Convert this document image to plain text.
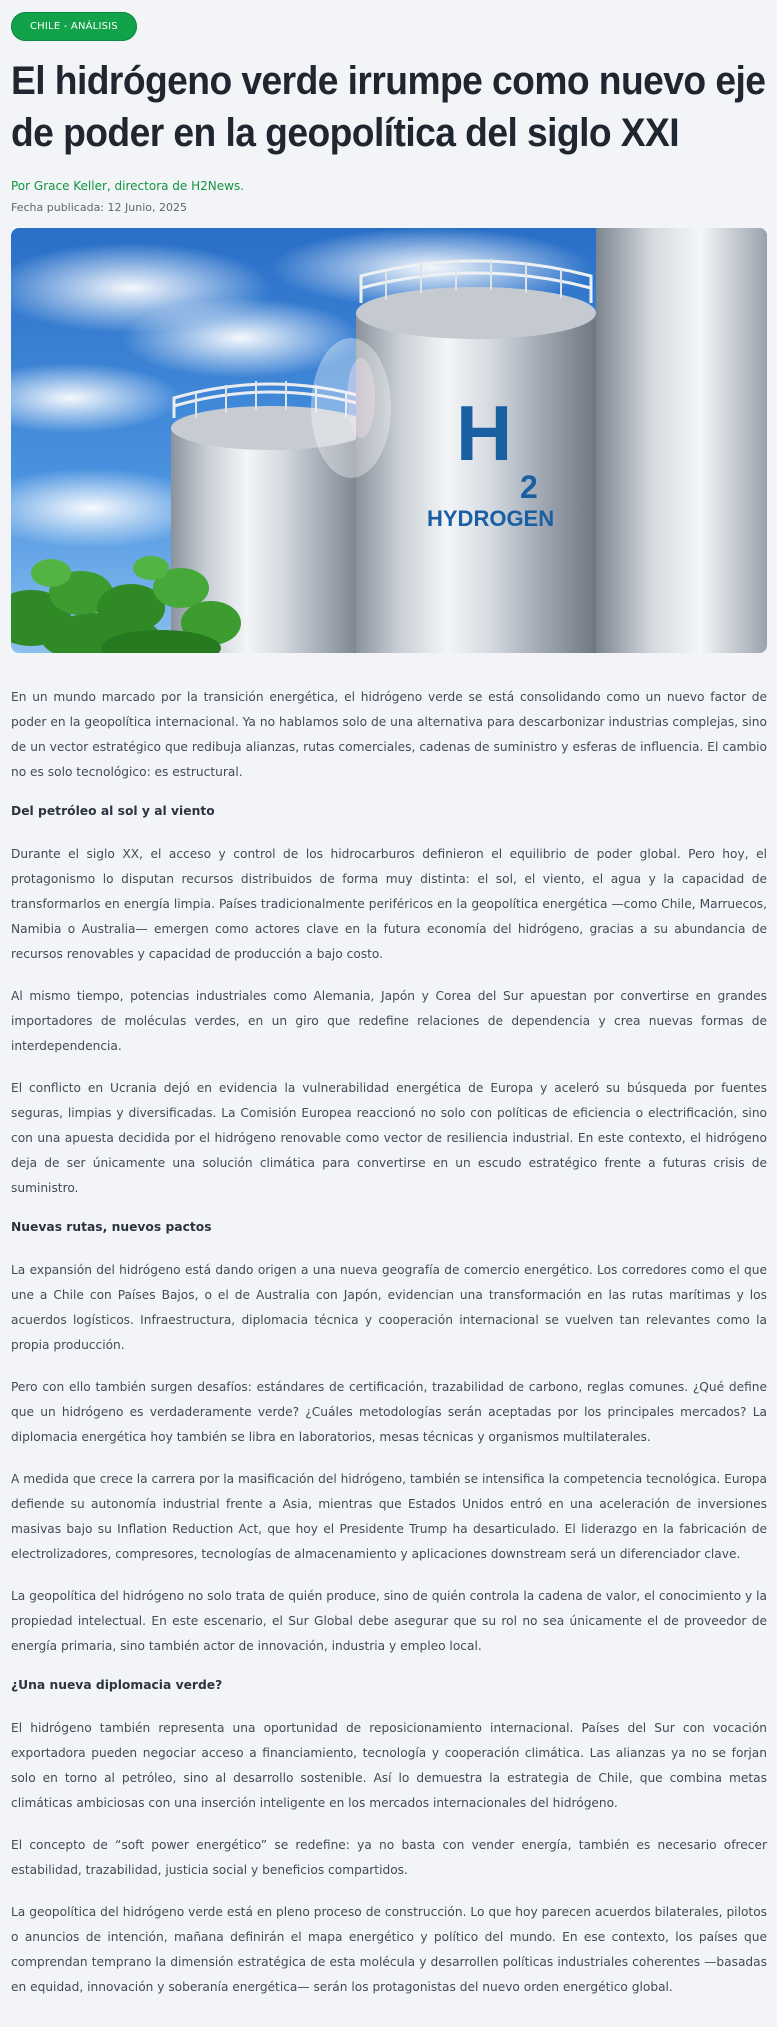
CHILE - ANÁLISIS
El hidrógeno verde irrumpe como nuevo eje de poder en la geopolítica del siglo XXI
Por Grace Keller, directora de H2News.
Fecha publicada: 12 Junio, 2025
H
2
HYDROGEN

En un mundo marcado por la transición energética, el hidrógeno verde se está consolidando como un nuevo factor de poder en la geopolítica internacional. Ya no hablamos solo de una alternativa para descarbonizar industrias complejas, sino de un vector estratégico que redibuja alianzas, rutas comerciales, cadenas de suministro y esferas de influencia. El cambio no es solo tecnológico: es estructural.

Del petróleo al sol y al viento

Durante el siglo XX, el acceso y control de los hidrocarburos definieron el equilibrio de poder global. Pero hoy, el protagonismo lo disputan recursos distribuidos de forma muy distinta: el sol, el viento, el agua y la capacidad de transformarlos en energía limpia. Países tradicionalmente periféricos en la geopolítica energética —como Chile, Marruecos, Namibia o Australia— emergen como actores clave en la futura economía del hidrógeno, gracias a su abundancia de recursos renovables y capacidad de producción a bajo costo.

Al mismo tiempo, potencias industriales como Alemania, Japón y Corea del Sur apuestan por convertirse en grandes importadores de moléculas verdes, en un giro que redefine relaciones de dependencia y crea nuevas formas de interdependencia.

El conflicto en Ucrania dejó en evidencia la vulnerabilidad energética de Europa y aceleró su búsqueda por fuentes seguras, limpias y diversificadas. La Comisión Europea reaccionó no solo con políticas de eficiencia o electrificación, sino con una apuesta decidida por el hidrógeno renovable como vector de resiliencia industrial. En este contexto, el hidrógeno deja de ser únicamente una solución climática para convertirse en un escudo estratégico frente a futuras crisis de suministro.

Nuevas rutas, nuevos pactos

La expansión del hidrógeno está dando origen a una nueva geografía de comercio energético. Los corredores como el que une a Chile con Países Bajos, o el de Australia con Japón, evidencian una transformación en las rutas marítimas y los acuerdos logísticos. Infraestructura, diplomacia técnica y cooperación internacional se vuelven tan relevantes como la propia producción.

Pero con ello también surgen desafíos: estándares de certificación, trazabilidad de carbono, reglas comunes. ¿Qué define que un hidrógeno es verdaderamente verde? ¿Cuáles metodologías serán aceptadas por los principales mercados? La diplomacia energética hoy también se libra en laboratorios, mesas técnicas y organismos multilaterales.

A medida que crece la carrera por la masificación del hidrógeno, también se intensifica la competencia tecnológica. Europa defiende su autonomía industrial frente a Asia, mientras que Estados Unidos entró en una aceleración de inversiones masivas bajo su Inflation Reduction Act, que hoy el Presidente Trump ha desarticulado. El liderazgo en la fabricación de electrolizadores, compresores, tecnologías de almacenamiento y aplicaciones downstream será un diferenciador clave.

La geopolítica del hidrógeno no solo trata de quién produce, sino de quién controla la cadena de valor, el conocimiento y la propiedad intelectual. En este escenario, el Sur Global debe asegurar que su rol no sea únicamente el de proveedor de energía primaria, sino también actor de innovación, industria y empleo local.

¿Una nueva diplomacia verde?

El hidrógeno también representa una oportunidad de reposicionamiento internacional. Países del Sur con vocación exportadora pueden negociar acceso a financiamiento, tecnología y cooperación climática. Las alianzas ya no se forjan solo en torno al petróleo, sino al desarrollo sostenible. Así lo demuestra la estrategia de Chile, que combina metas climáticas ambiciosas con una inserción inteligente en los mercados internacionales del hidrógeno.

El concepto de “soft power energético” se redefine: ya no basta con vender energía, también es necesario ofrecer estabilidad, trazabilidad, justicia social y beneficios compartidos.

La geopolítica del hidrógeno verde está en pleno proceso de construcción. Lo que hoy parecen acuerdos bilaterales, pilotos o anuncios de intención, mañana definirán el mapa energético y político del mundo. En ese contexto, los países que comprendan temprano la dimensión estratégica de esta molécula y desarrollen políticas industriales coherentes —basadas en equidad, innovación y soberanía energética— serán los protagonistas del nuevo orden energético global.
